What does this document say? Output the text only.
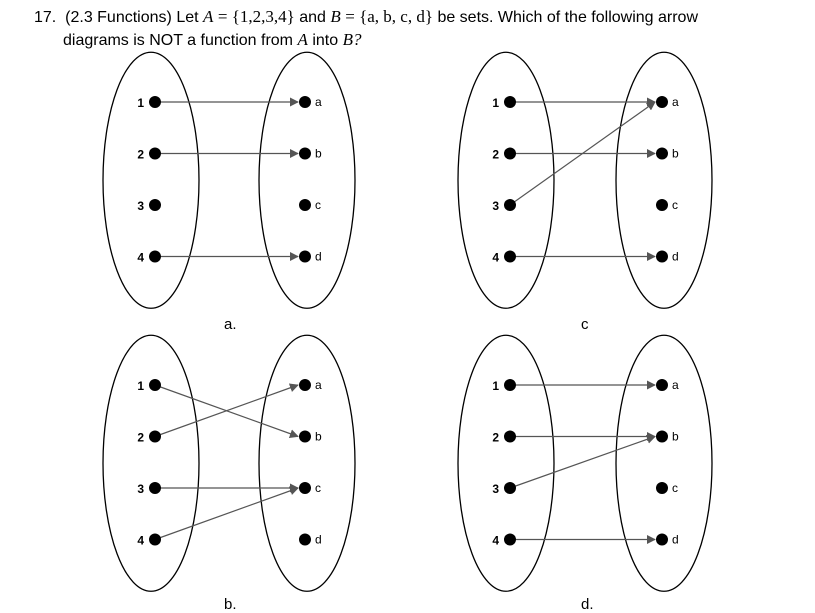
17. (2.3 Functions) Let A = {1,2,3,4} and B = {a, b, c, d} be sets. Which of the following arrow
diagrams is NOT a function from A into B?
1
2
3
4
a
b
c
d
1
2
3
4
a
b
c
d
1
2
3
4
a
b
c
d
1
2
3
4
a
b
c
d
a.	c
b.	d.
